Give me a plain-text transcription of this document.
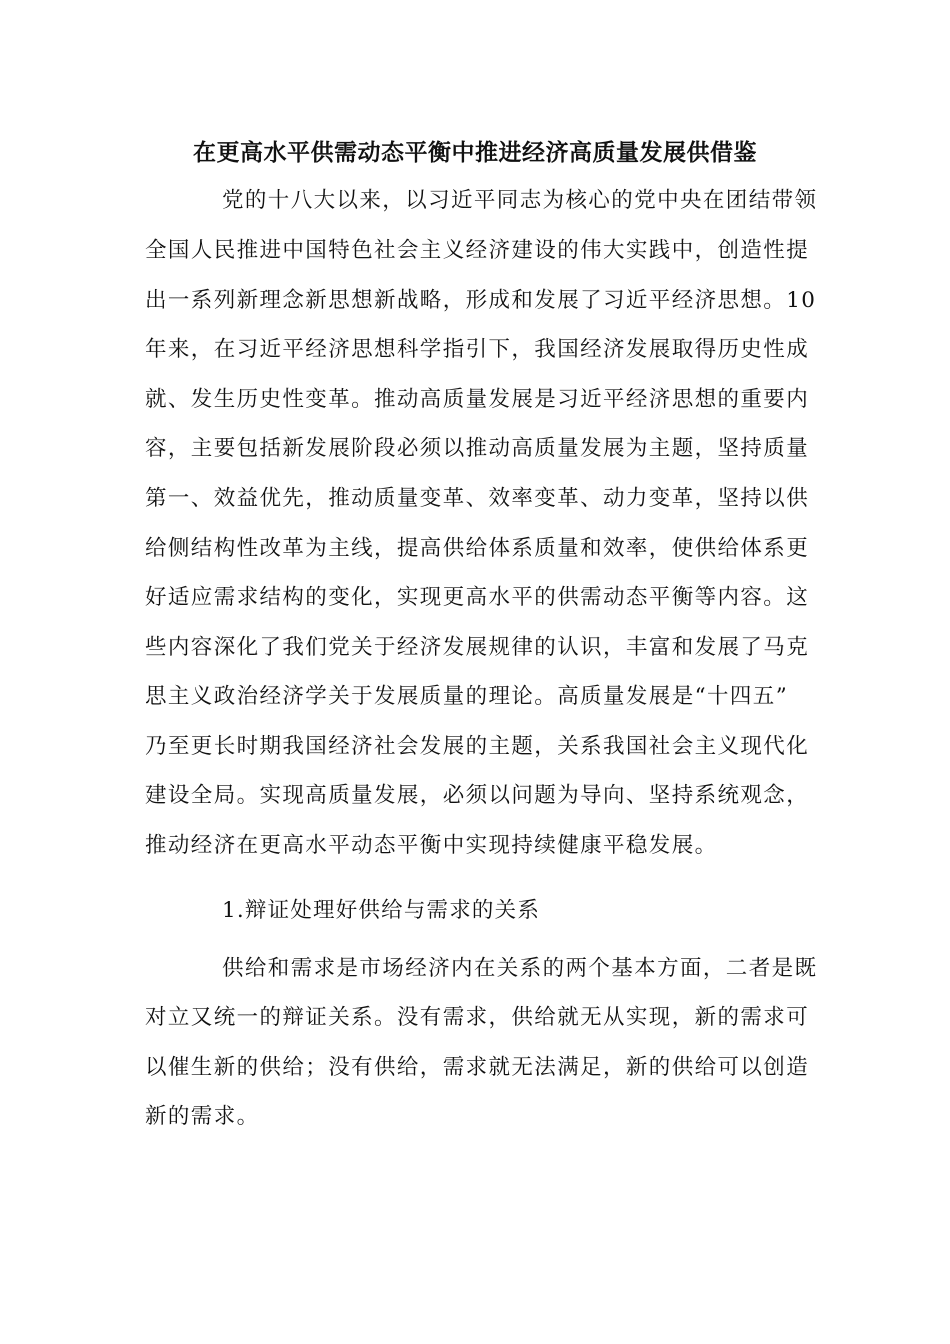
在更高水平供需动态平衡中推进经济高质量发展供借鉴
党的十八大以来，以习近平同志为核心的党中央在团结带领
全国人民推进中国特色社会主义经济建设的伟大实践中，创造性提
出一系列新理念新思想新战略，形成和发展了习近平经济思想。10
年来，在习近平经济思想科学指引下，我国经济发展取得历史性成
就、发生历史性变革。推动高质量发展是习近平经济思想的重要内
容，主要包括新发展阶段必须以推动高质量发展为主题，坚持质量
第一、效益优先，推动质量变革、效率变革、动力变革，坚持以供
给侧结构性改革为主线，提高供给体系质量和效率，使供给体系更
好适应需求结构的变化，实现更高水平的供需动态平衡等内容。这
些内容深化了我们党关于经济发展规律的认识，丰富和发展了马克
思主义政治经济学关于发展质量的理论。高质量发展是“十四五”
乃至更长时期我国经济社会发展的主题，关系我国社会主义现代化
建设全局。实现高质量发展，必须以问题为导向、坚持系统观念，
推动经济在更高水平动态平衡中实现持续健康平稳发展。
1.辩证处理好供给与需求的关系
供给和需求是市场经济内在关系的两个基本方面，二者是既
对立又统一的辩证关系。没有需求，供给就无从实现，新的需求可
以催生新的供给；没有供给，需求就无法满足，新的供给可以创造
新的需求。
